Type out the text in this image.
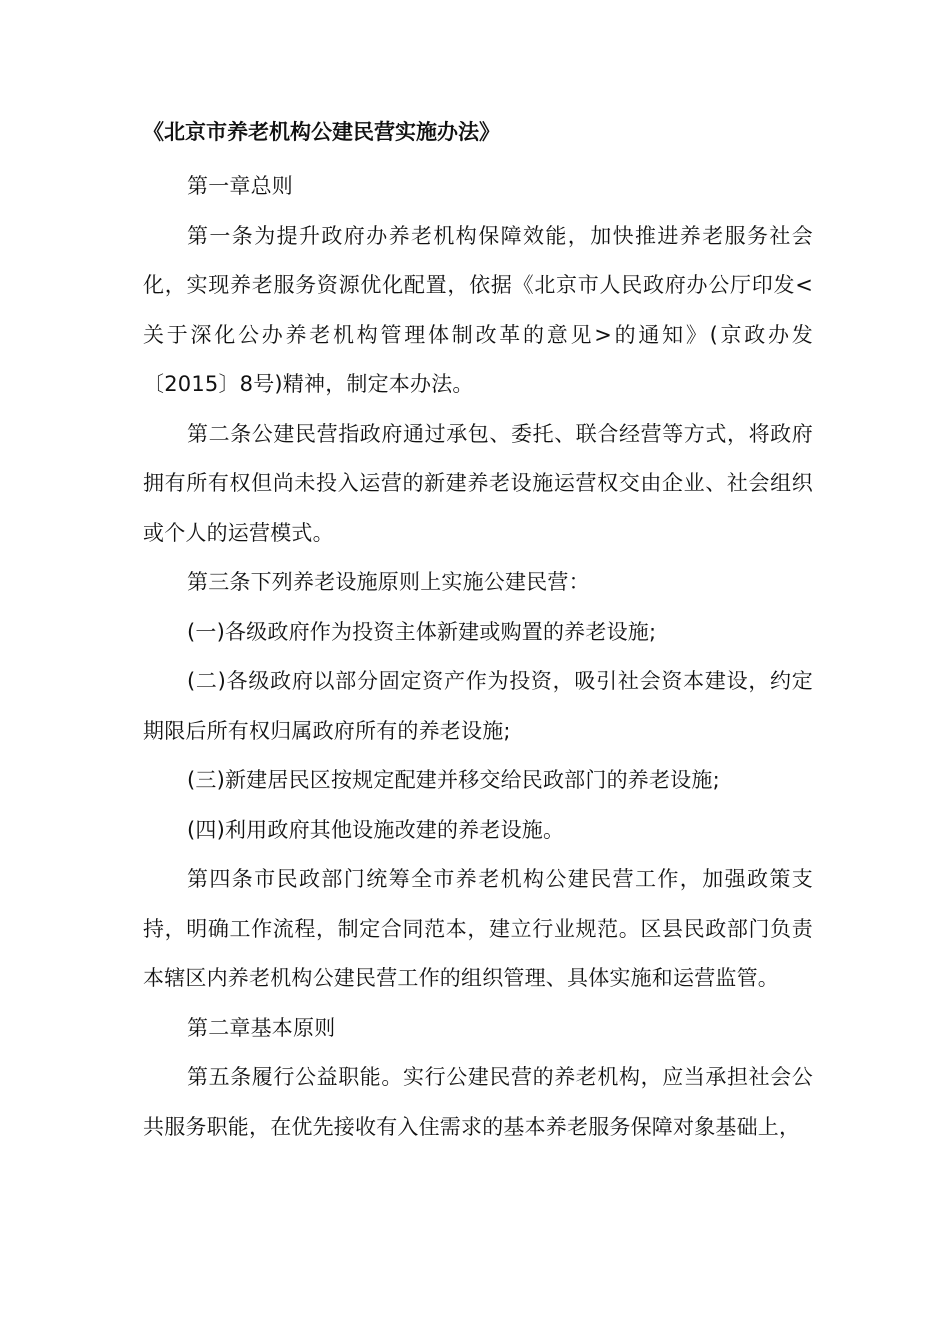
《北京市养老机构公建民营实施办法》

第一章总则

第一条为提升政府办养老机构保障效能，加快推进养老服务社会化，实现养老服务资源优化配置，依据《北京市人民政府办公厅印发<关于深化公办养老机构管理体制改革的意见>的通知》(京政办发〔2015〕8号)精神，制定本办法。

第二条公建民营指政府通过承包、委托、联合经营等方式，将政府拥有所有权但尚未投入运营的新建养老设施运营权交由企业、社会组织或个人的运营模式。

第三条下列养老设施原则上实施公建民营：

(一)各级政府作为投资主体新建或购置的养老设施;

(二)各级政府以部分固定资产作为投资，吸引社会资本建设，约定期限后所有权归属政府所有的养老设施;

(三)新建居民区按规定配建并移交给民政部门的养老设施;

(四)利用政府其他设施改建的养老设施。

第四条市民政部门统筹全市养老机构公建民营工作，加强政策支持，明确工作流程，制定合同范本，建立行业规范。区县民政部门负责本辖区内养老机构公建民营工作的组织管理、具体实施和运营监管。

第二章基本原则

第五条履行公益职能。实行公建民营的养老机构，应当承担社会公共服务职能，在优先接收有入住需求的基本养老服务保障对象基础上，
